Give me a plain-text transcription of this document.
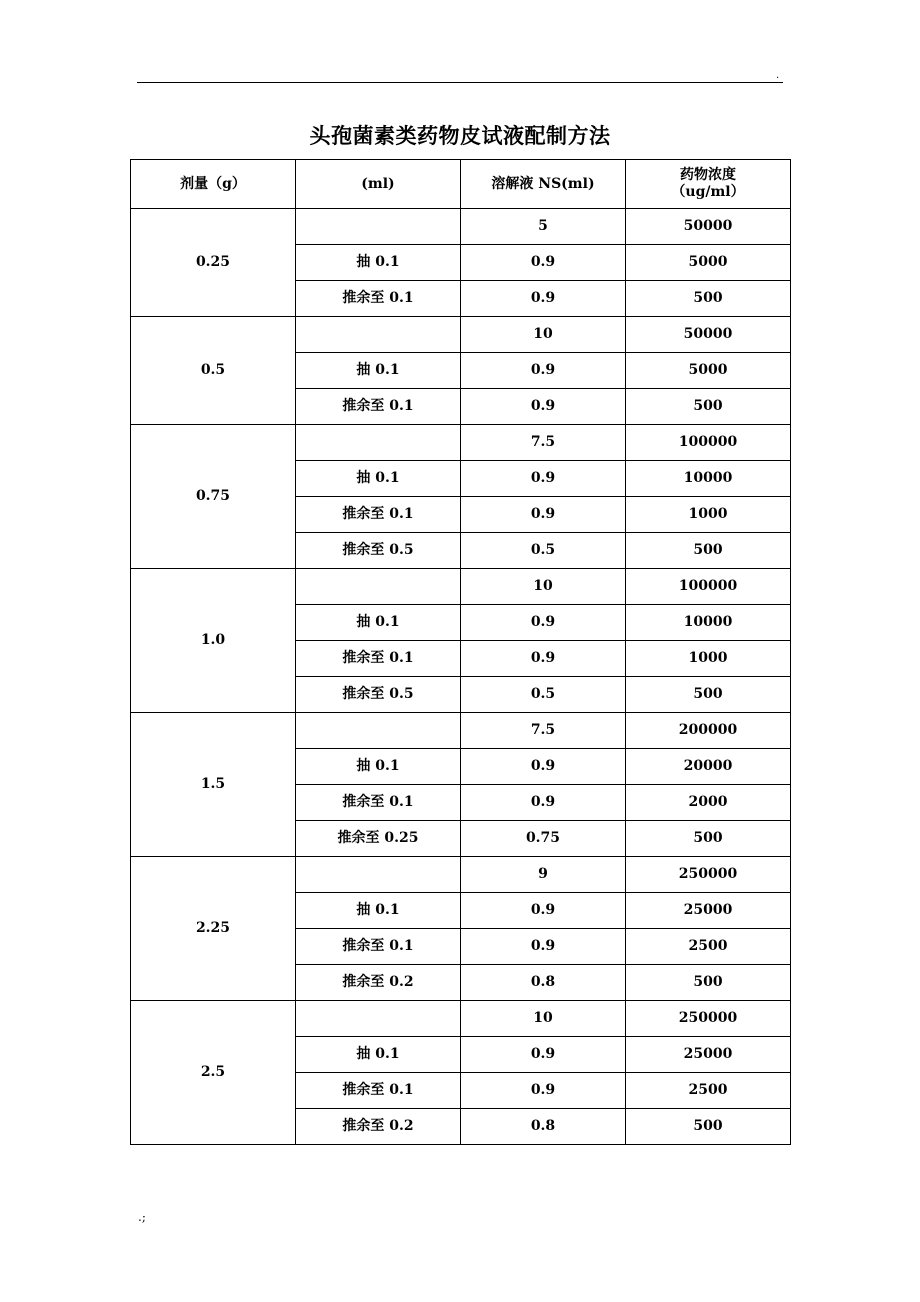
.
头孢菌素类药物皮试液配制方法
剂量（g）	(ml)	溶解液 NS(ml)	药物浓度
（ug/ml）
0.25		5	50000
	抽 0.1	0.9	5000
	推余至 0.1	0.9	500
0.5		10	50000
	抽 0.1	0.9	5000
	推余至 0.1	0.9	500
0.75		7.5	100000
	抽 0.1	0.9	10000
	推余至 0.1	0.9	1000
	推余至 0.5	0.5	500
1.0		10	100000
	抽 0.1	0.9	10000
	推余至 0.1	0.9	1000
	推余至 0.5	0.5	500
1.5		7.5	200000
	抽 0.1	0.9	20000
	推余至 0.1	0.9	2000
	推余至 0.25	0.75	500
2.25		9	250000
	抽 0.1	0.9	25000
	推余至 0.1	0.9	2500
	推余至 0.2	0.8	500
2.5		10	250000
	抽 0.1	0.9	25000
	推余至 0.1	0.9	2500
	推余至 0.2	0.8	500
.;
